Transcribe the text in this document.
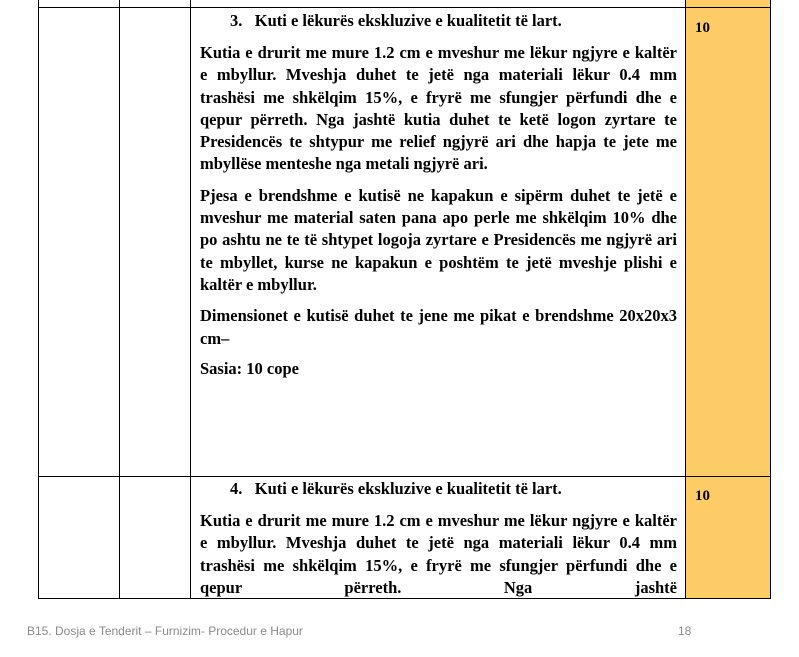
10
10

3. Kuti e lëkurës ekskluzive e kualitetit të lart.

Kutia e drurit me mure 1.2 cm e mveshur me lëkur ngjyre e kaltër e mbyllur. Mveshja duhet te jetë nga materiali lëkur 0.4 mm trashësi me shkëlqim 15%, e fryrë me sfungjer përfundi dhe e qepur përreth. Nga jashtë kutia duhet te ketë logon zyrtare te Presidencës te shtypur me relief ngjyrë ari dhe hapja te jete me mbyllëse menteshe nga metali ngjyrë ari.

Pjesa e brendshme e kutisë ne kapakun e sipërm duhet te jetë e mveshur me material saten pana apo perle me shkëlqim 10% dhe po ashtu ne te të shtypet logoja zyrtare e Presidencës me ngjyrë ari te mbyllet, kurse ne kapakun e poshtëm te jetë mveshje plishi e kaltër e mbyllur.

Dimensionet e kutisë duhet te jene me pikat e brendshme 20x20x3 cm–

Sasia: 10 cope

4. Kuti e lëkurës ekskluzive e kualitetit të lart.

Kutia e drurit me mure 1.2 cm e mveshur me lëkur ngjyre e kaltër e mbyllur. Mveshja duhet te jetë nga materiali lëkur 0.4 mm trashësi me shkëlqim 15%, e fryrë me sfungjer përfundi dhe e qepur përreth. Nga jashtë

B15. Dosja e Tenderit – Furnizim- Procedur e Hapur	18
